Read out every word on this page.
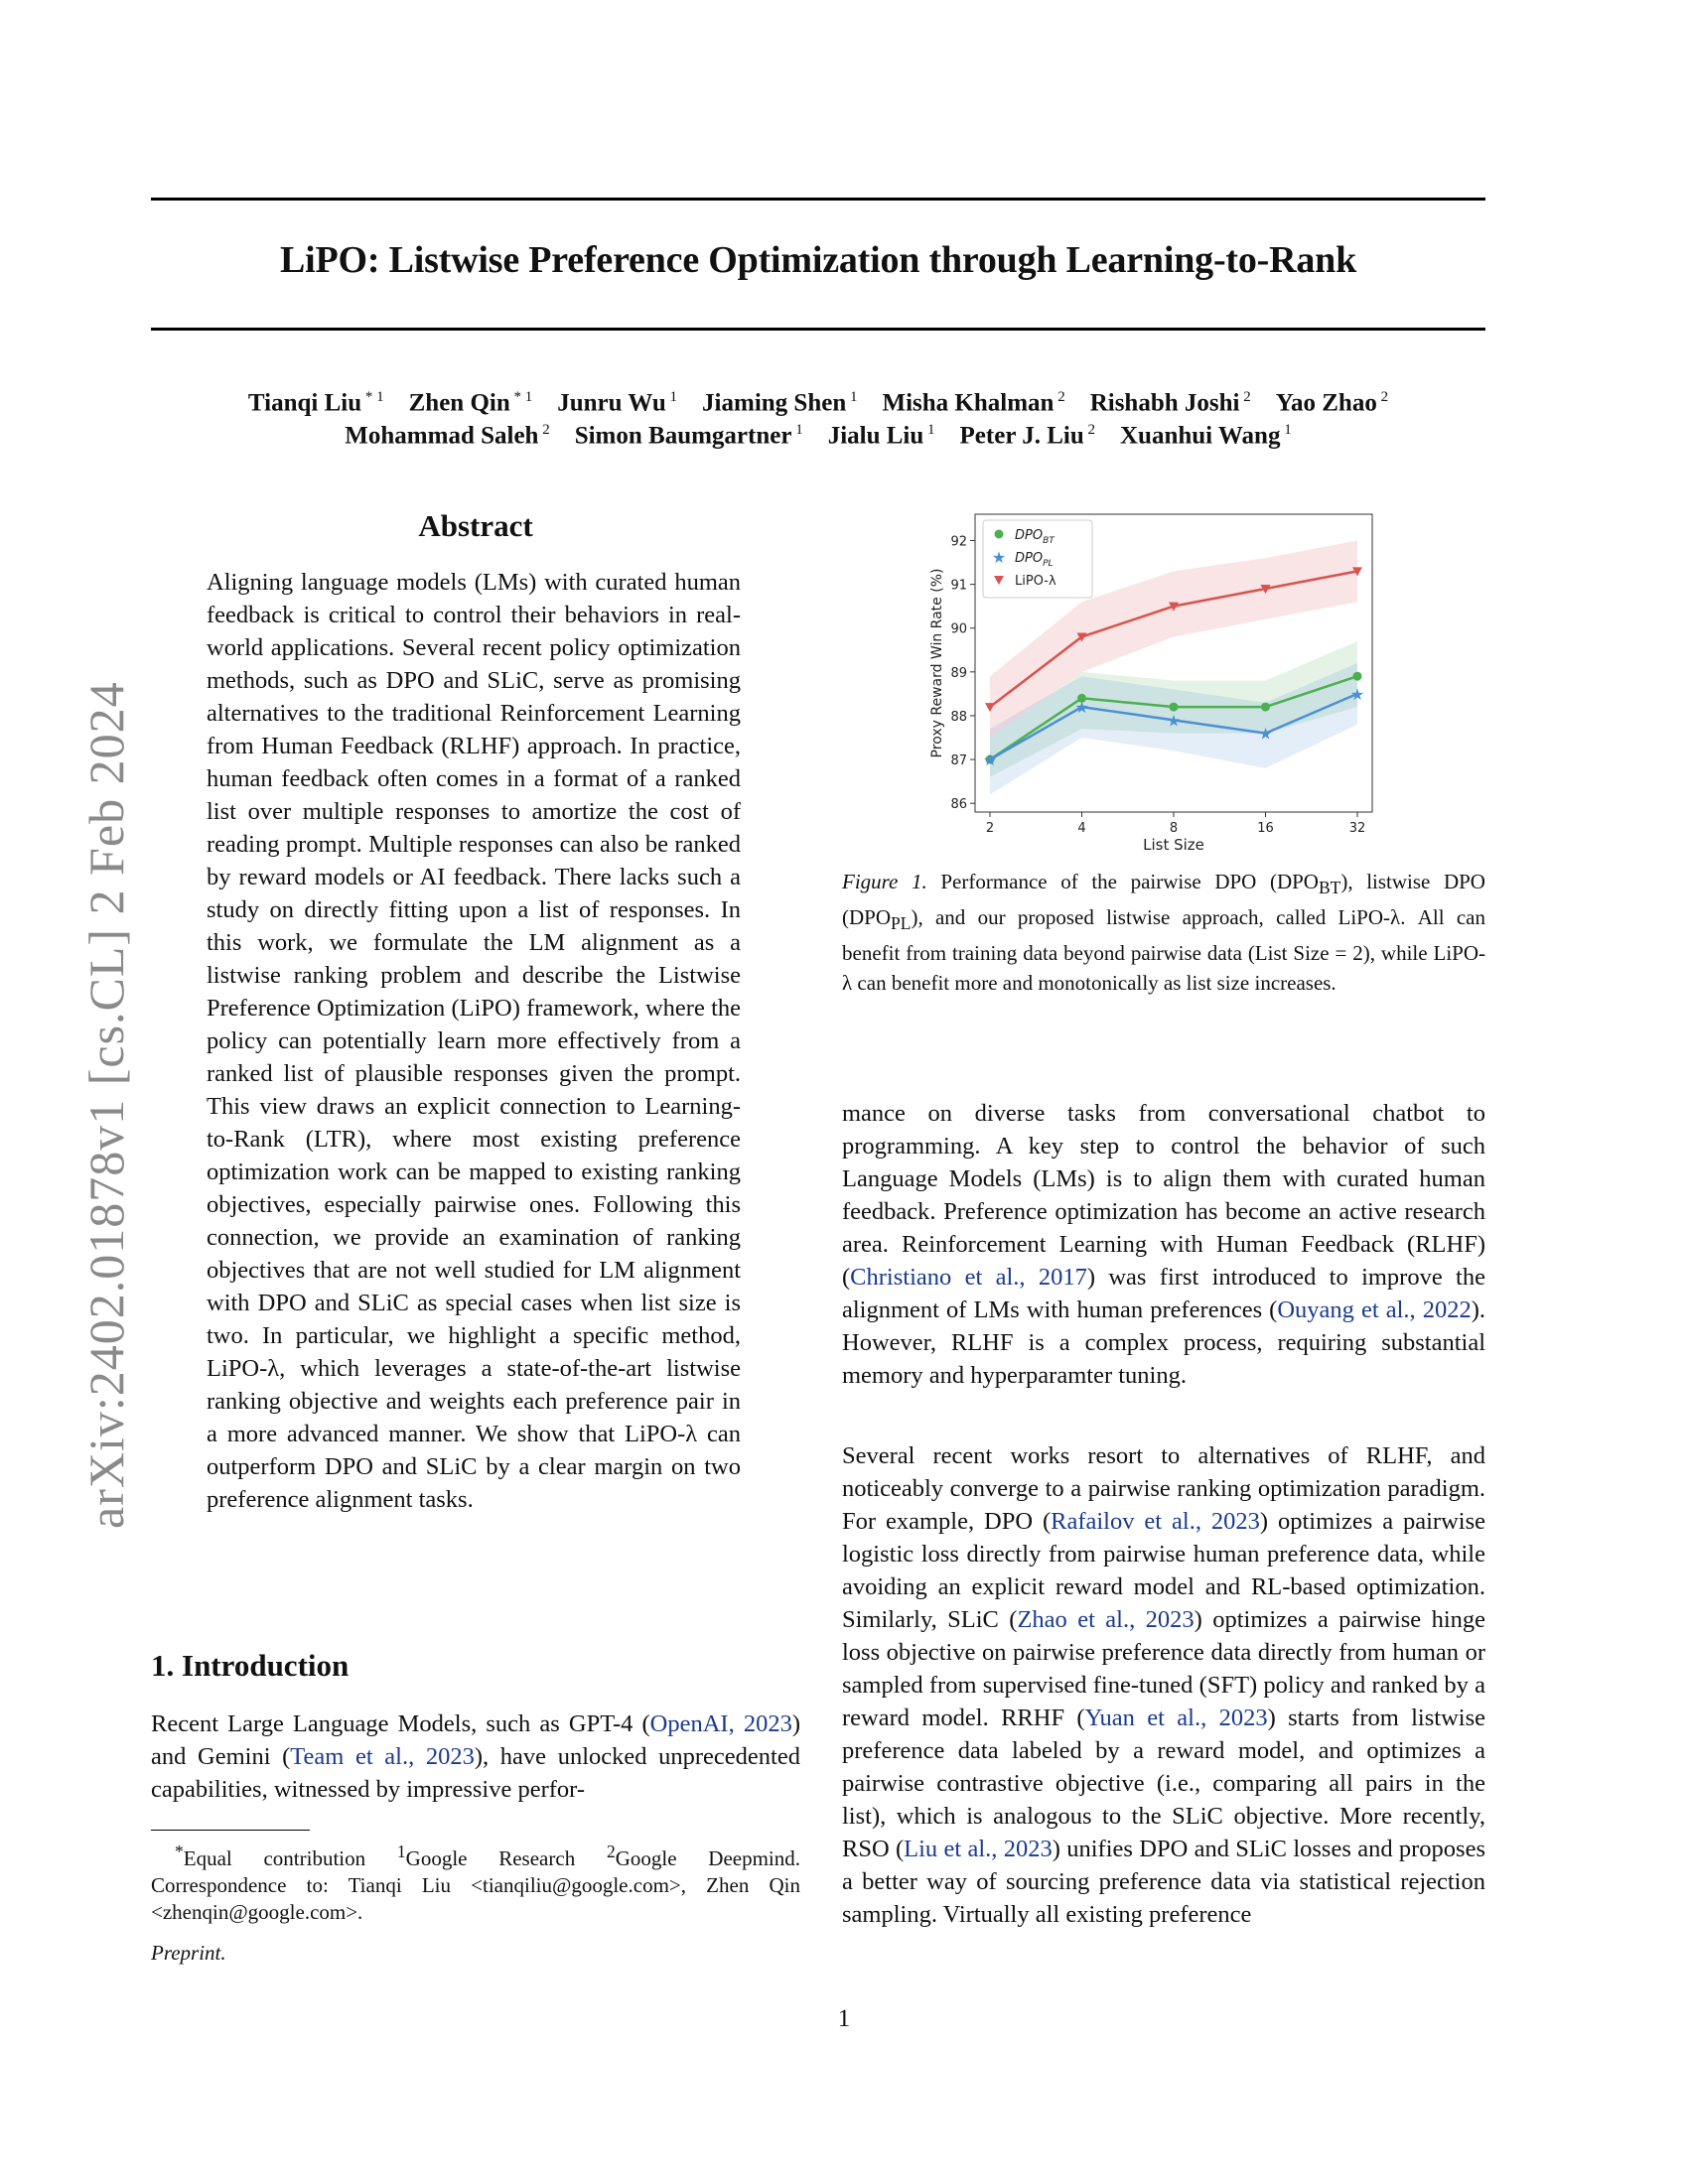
arXiv:2402.01878v1 [cs.CL] 2 Feb 2024
LiPO: Listwise Preference Optimization through Learning-to-Rank
Tianqi Liu $^{* 1}$  Zhen Qin $^{* 1}$  Junru Wu $^1$  Jiaming Shen $^1$  Misha Khalman $^2$  Rishabh Joshi $^2$  Yao Zhao $^2$
Mohammad Saleh $^2$  Simon Baumgartner $^1$  Jialu Liu $^1$  Peter J. Liu $^2$  Xuanhui Wang $^1$
Abstract
Aligning language models (LMs) with curated human feedback is critical to control their behaviors in real-world applications. Several recent policy optimization methods, such as DPO and SLiC, serve as promising alternatives to the traditional Reinforcement Learning from Human Feedback (RLHF) approach. In practice, human feedback often comes in a format of a ranked list over multiple responses to amortize the cost of reading prompt. Multiple responses can also be ranked by reward models or AI feedback. There lacks such a study on directly fitting upon a list of responses. In this work, we formulate the LM alignment as a listwise ranking problem and describe the Listwise Preference Optimization (LiPO) framework, where the policy can potentially learn more effectively from a ranked list of plausible responses given the prompt. This view draws an explicit connection to Learning-to-Rank (LTR), where most existing preference optimization work can be mapped to existing ranking objectives, especially pairwise ones. Following this connection, we provide an examination of ranking objectives that are not well studied for LM alignment with DPO and SLiC as special cases when list size is two. In particular, we highlight a specific method, LiPO-λ, which leverages a state-of-the-art listwise ranking objective and weights each preference pair in a more advanced manner. We show that LiPO-λ can outperform DPO and SLiC by a clear margin on two preference alignment tasks.
1. Introduction
Recent Large Language Models, such as GPT-4 (OpenAI, 2023) and Gemini (Team et al., 2023), have unlocked unprecedented capabilities, witnessed by impressive perfor-
*Equal contribution $^1$Google Research $^2$Google Deepmind. Correspondence to: Tianqi Liu <tianqiliu@google.com>, Zhen Qin <zhenqin@google.com>.
Preprint.
★
★
★
★
★
2	4	8	16	32
86
87
88
89
90
91
92
List Size
Proxy Reward Win Rate (%)
$DPO_{BT}$
★ $DPO_{PL}$
LiPO-λ
Figure 1. Performance of the pairwise DPO $(DPO_{BT})$, listwise DPO $(DPO_{PL})$, and our proposed listwise approach, called LiPO-λ. All can benefit from training data beyond pairwise data (List Size = 2), while LiPO-λ can benefit more and monotonically as list size increases.
mance on diverse tasks from conversational chatbot to programming. A key step to control the behavior of such Language Models (LMs) is to align them with curated human feedback. Preference optimization has become an active research area. Reinforcement Learning with Human Feedback (RLHF) (Christiano et al., 2017) was first introduced to improve the alignment of LMs with human preferences (Ouyang et al., 2022). However, RLHF is a complex process, requiring substantial memory and hyperparamter tuning.
Several recent works resort to alternatives of RLHF, and noticeably converge to a pairwise ranking optimization paradigm. For example, DPO (Rafailov et al., 2023) optimizes a pairwise logistic loss directly from pairwise human preference data, while avoiding an explicit reward model and RL-based optimization. Similarly, SLiC (Zhao et al., 2023) optimizes a pairwise hinge loss objective on pairwise preference data directly from human or sampled from supervised fine-tuned (SFT) policy and ranked by a reward model. RRHF (Yuan et al., 2023) starts from listwise preference data labeled by a reward model, and optimizes a pairwise contrastive objective (i.e., comparing all pairs in the list), which is analogous to the SLiC objective. More recently, RSO (Liu et al., 2023) unifies DPO and SLiC losses and proposes a better way of sourcing preference data via statistical rejection sampling. Virtually all existing preference
1
